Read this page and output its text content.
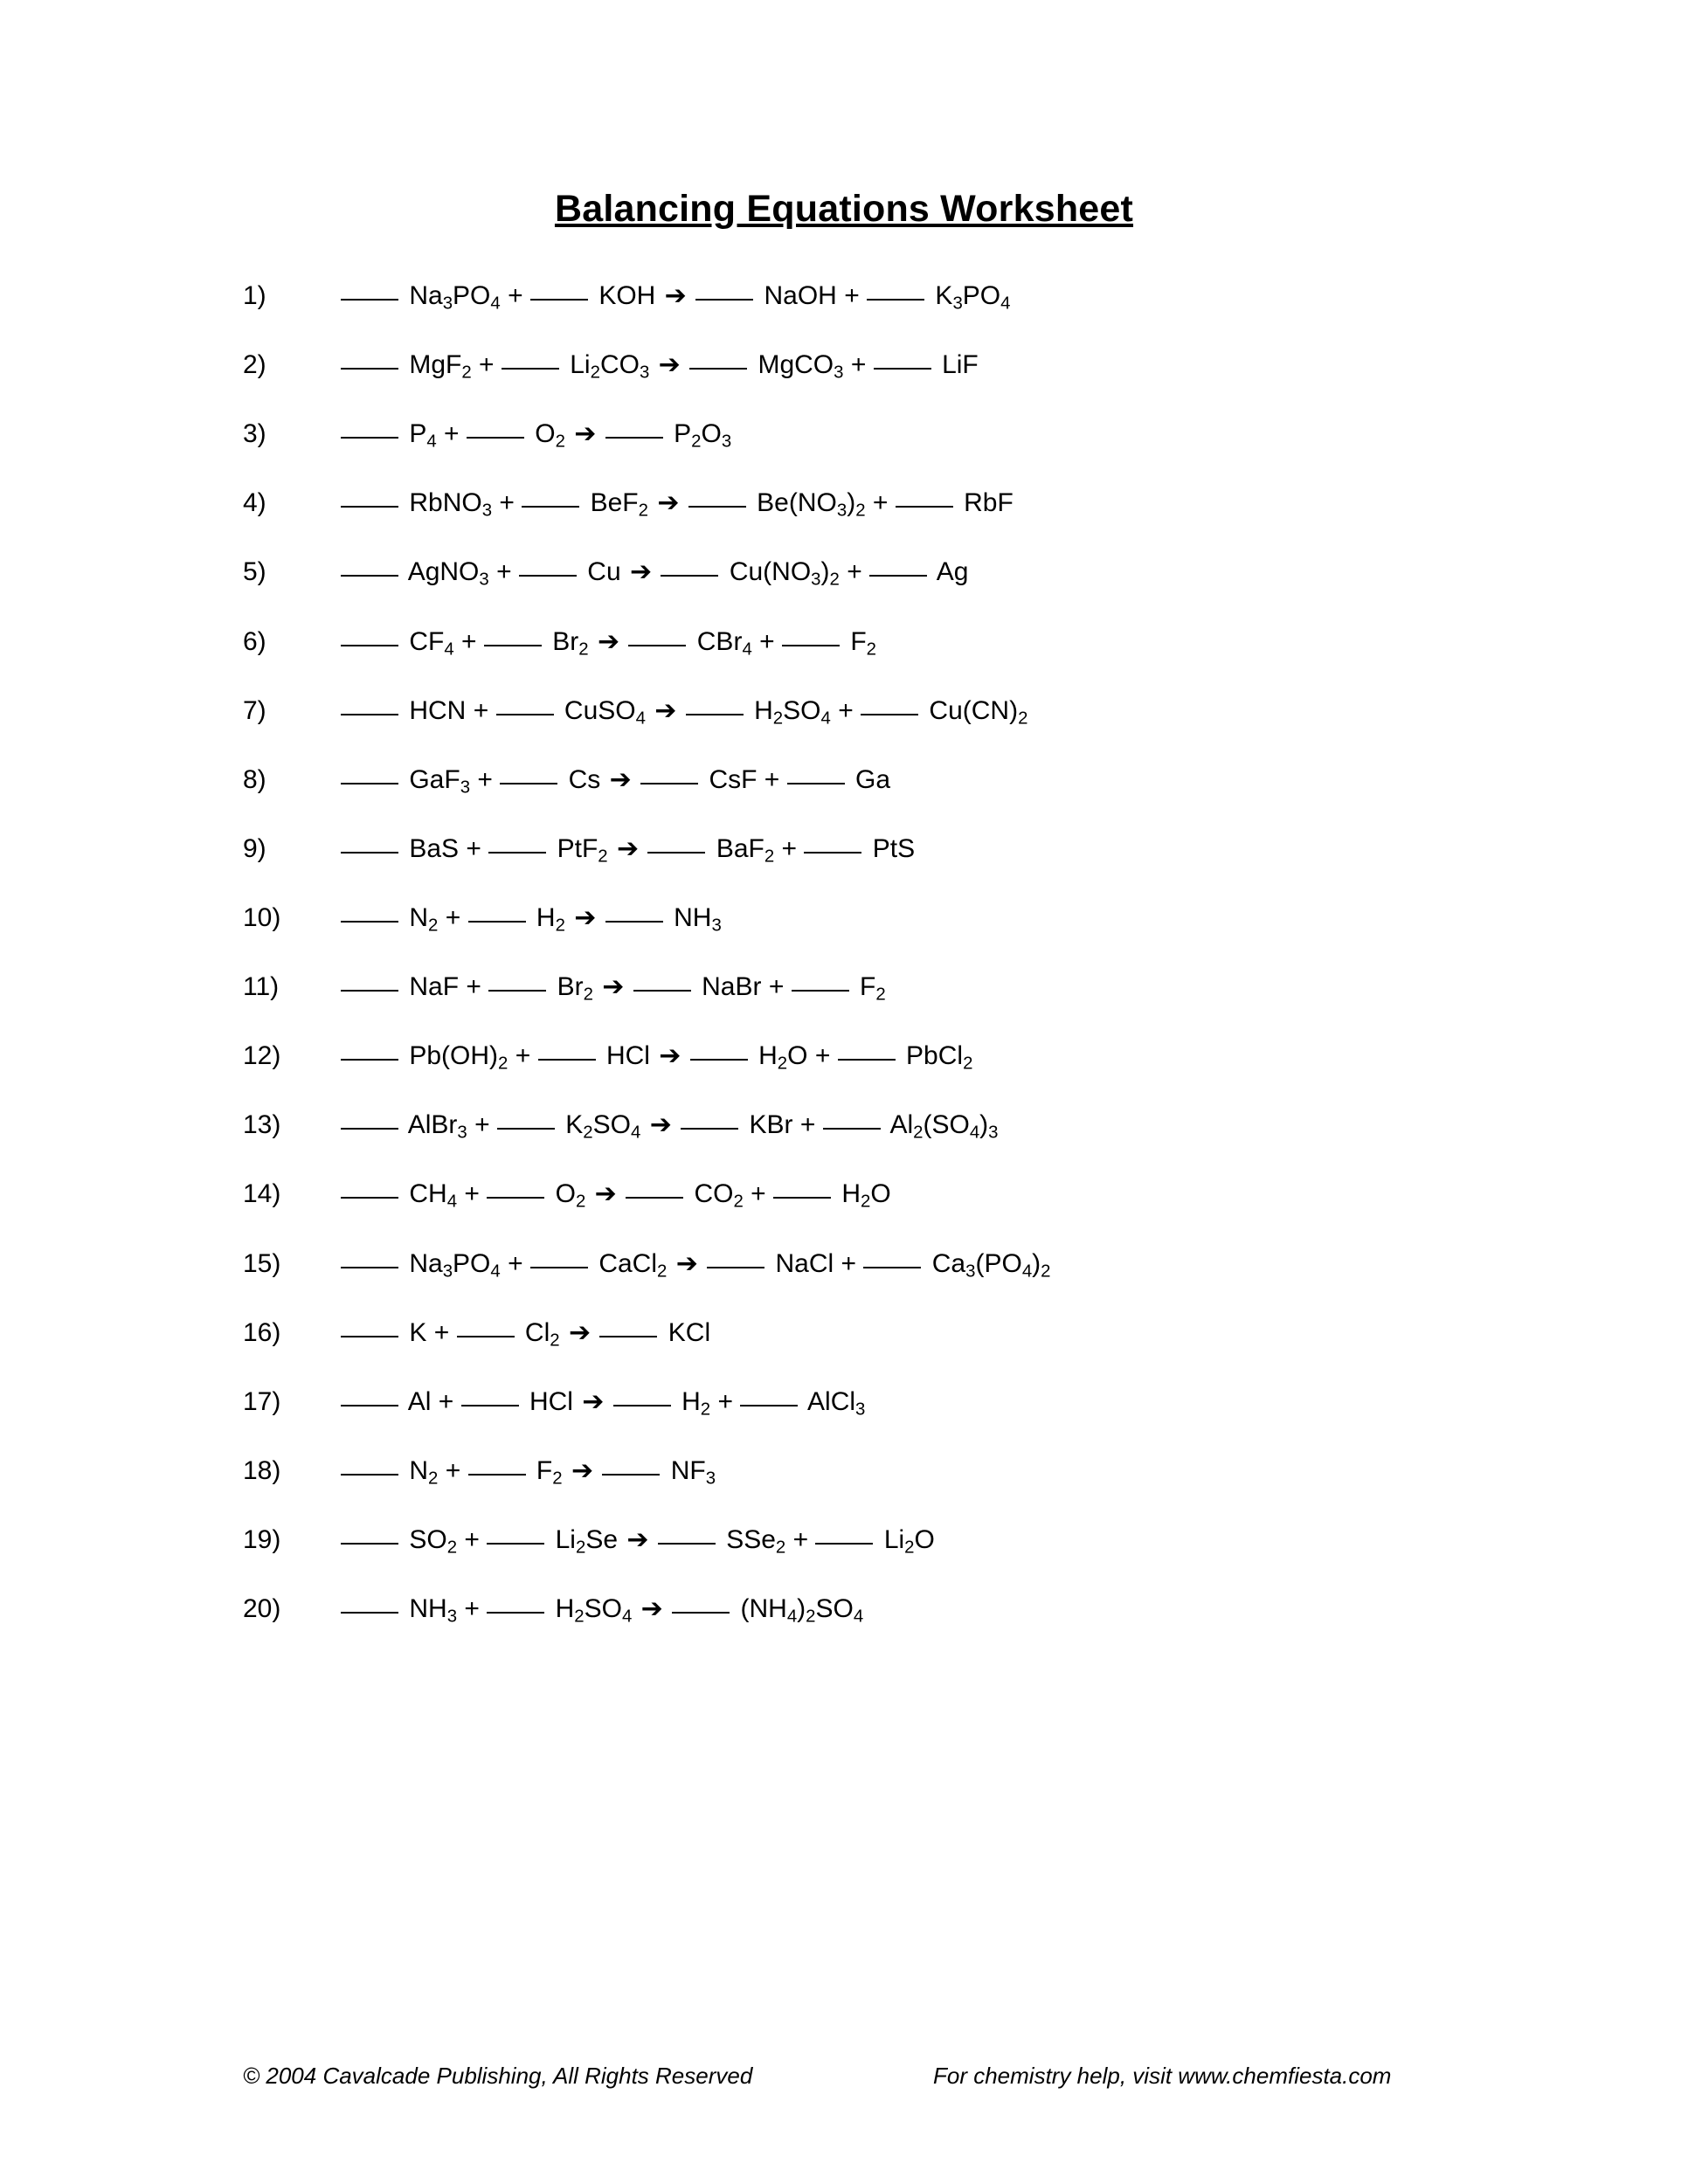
Balancing Equations Worksheet
1)	$Na_3PO_4$ +	KOH ➔	NaOH +	$K_3PO_4$
2)	MgF$_2$ +	$Li_2CO_3$ ➔	MgCO$_3$ +	LiF
3)	$P_4$ +	$O_2$ ➔	$P_2O_3$
4)	RbNO$_3$ +	BeF$_2$ ➔	$Be(NO_3)_2$ +	RbF
5)	AgNO$_3$ +	Cu ➔	$Cu(NO_3)_2$ +	Ag
6)	$CF_4$ +	$Br_2$ ➔	CBr$_4$ +	$F_2$
7)	HCN +	CuSO$_4$ ➔	$H_2SO_4$ +	$Cu(CN)_2$
8)	GaF$_3$ +	Cs ➔	CsF +	Ga
9)	BaS +	PtF$_2$ ➔	BaF$_2$ +	PtS
10)	$N_2$ +	$H_2$ ➔	$NH_3$
11)	NaF +	$Br_2$ ➔	NaBr +	$F_2$
12)	$Pb(OH)_2$ +	HCl ➔	$H_2O$ +	PbCl$_2$
13)	AlBr$_3$ +	$K_2SO_4$ ➔	KBr +	$Al_2(SO_4)_3$
14)	$CH_4$ +	$O_2$ ➔	$CO_2$ +	$H_2O$
15)	$Na_3PO_4$ +	CaCl$_2$ ➔	NaCl +	$Ca_3(PO_4)_2$
16)	K +	$Cl_2$ ➔	KCl
17)	Al +	HCl ➔	$H_2$ +	AlCl$_3$
18)	$N_2$ +	$F_2$ ➔	$NF_3$
19)	$SO_2$ +	$Li_2Se$ ➔	SSe$_2$ +	$Li_2O$
20)	$NH_3$ +	$H_2SO_4$ ➔	$(NH_4)_2SO_4$
© 2004 Cavalcade Publishing, All Rights Reserved	For chemistry help, visit www.chemfiesta.com
